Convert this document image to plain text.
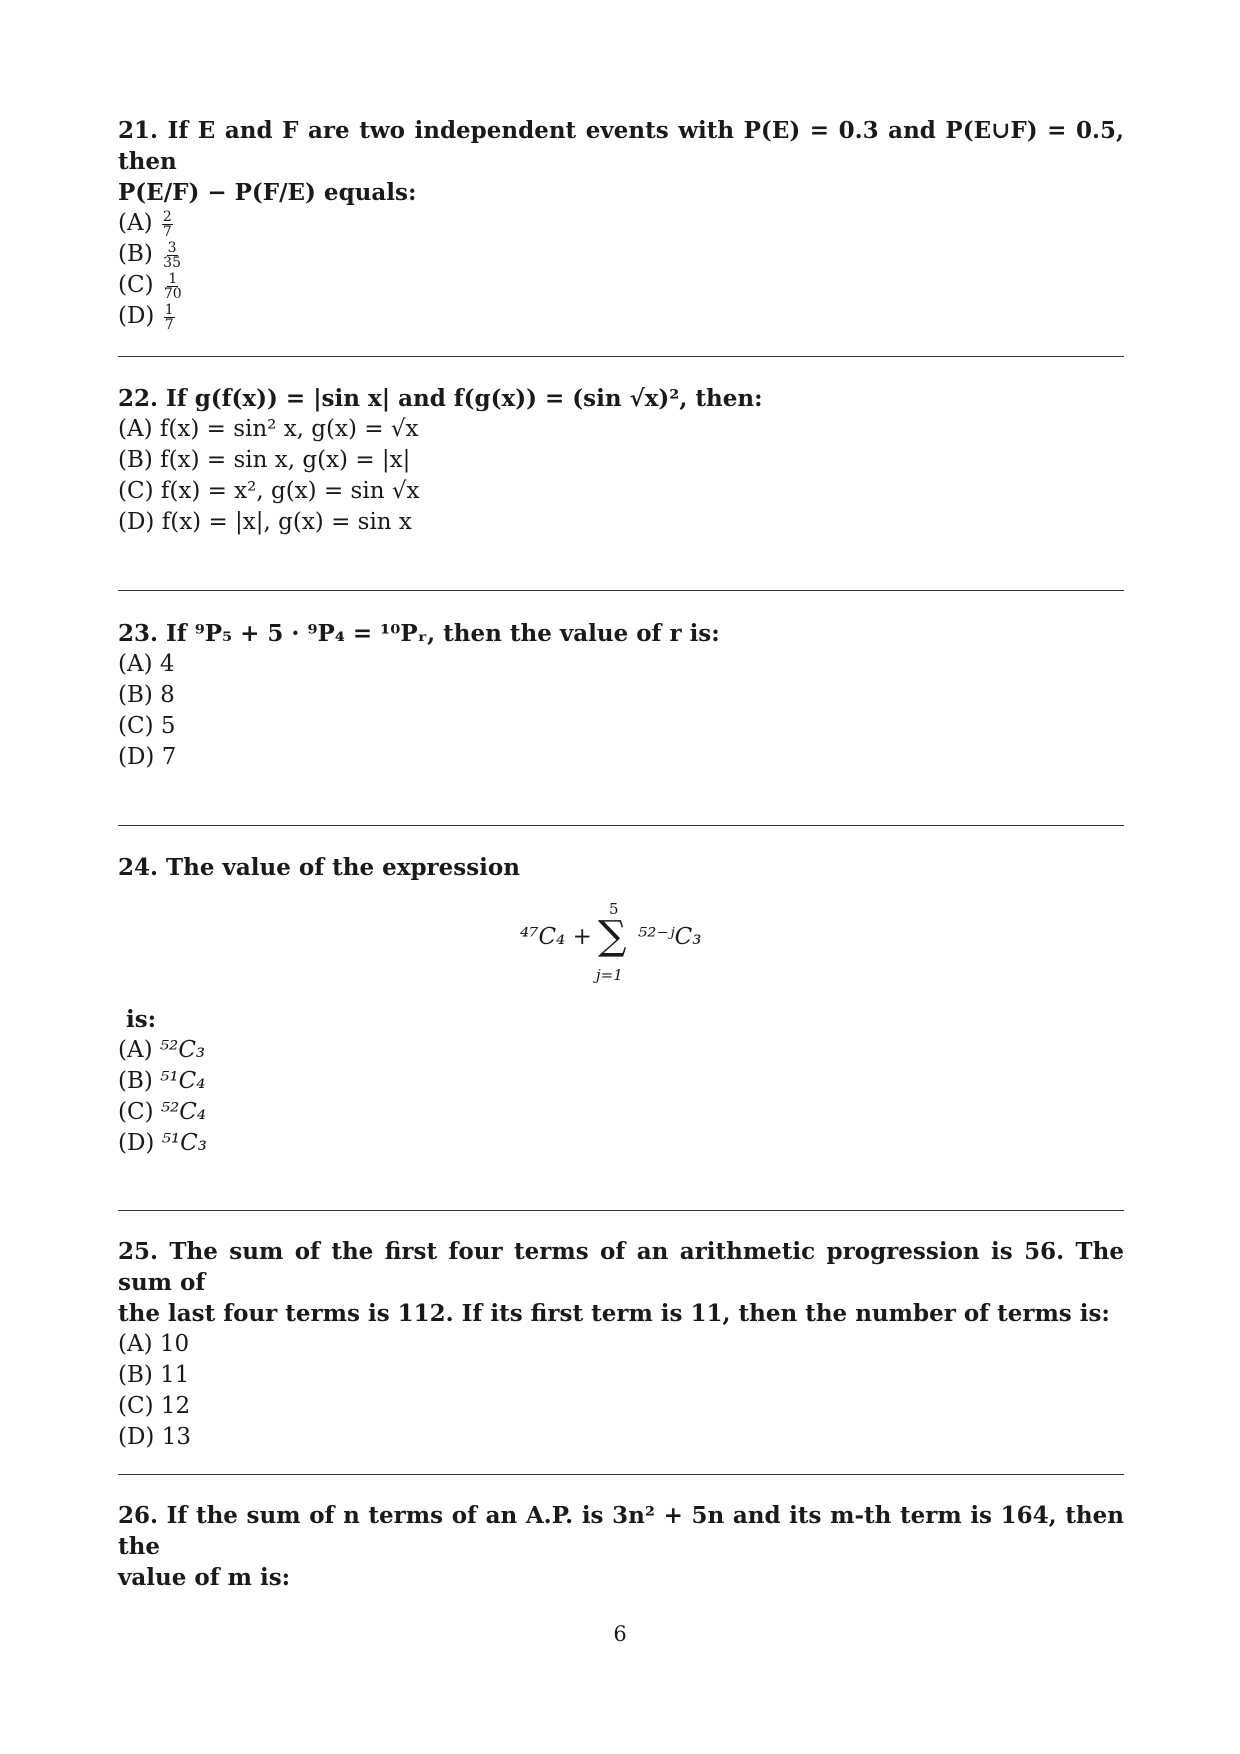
21. If E and F are two independent events with P(E) = 0.3 and P(E∪F) = 0.5, then
P(E/F) − P(F/E) equals:
$(A) \frac{2}{7}$
$(B) \frac{3}{35}$
$(C) \frac{1}{70}$
$(D) \frac{1}{7}$
22. If g(f(x)) = |sin x| and f(g(x)) = (sin √x)², then:
(A) f(x) = sin² x, g(x) = √x
(B) f(x) = sin x, g(x) = |x|
(C) f(x) = x², g(x) = sin √x
(D) f(x) = |x|, g(x) = sin x
23. If ⁹P₅ + 5 · ⁹P₄ = ¹⁰Pᵣ, then the value of r is:
(A) 4
(B) 8
(C) 5
(D) 7
24. The value of the expression
⁴⁷C₄ +
5
∑
j=1
⁵²⁻ʲC₃
is:
(A) ⁵²C₃
(B) ⁵¹C₄
(C) ⁵²C₄
(D) ⁵¹C₃
25. The sum of the first four terms of an arithmetic progression is 56. The sum of
the last four terms is 112. If its first term is 11, then the number of terms is:
(A) 10
(B) 11
(C) 12
(D) 13
26. If the sum of n terms of an A.P. is 3n² + 5n and its m-th term is 164, then the
value of m is:
6
